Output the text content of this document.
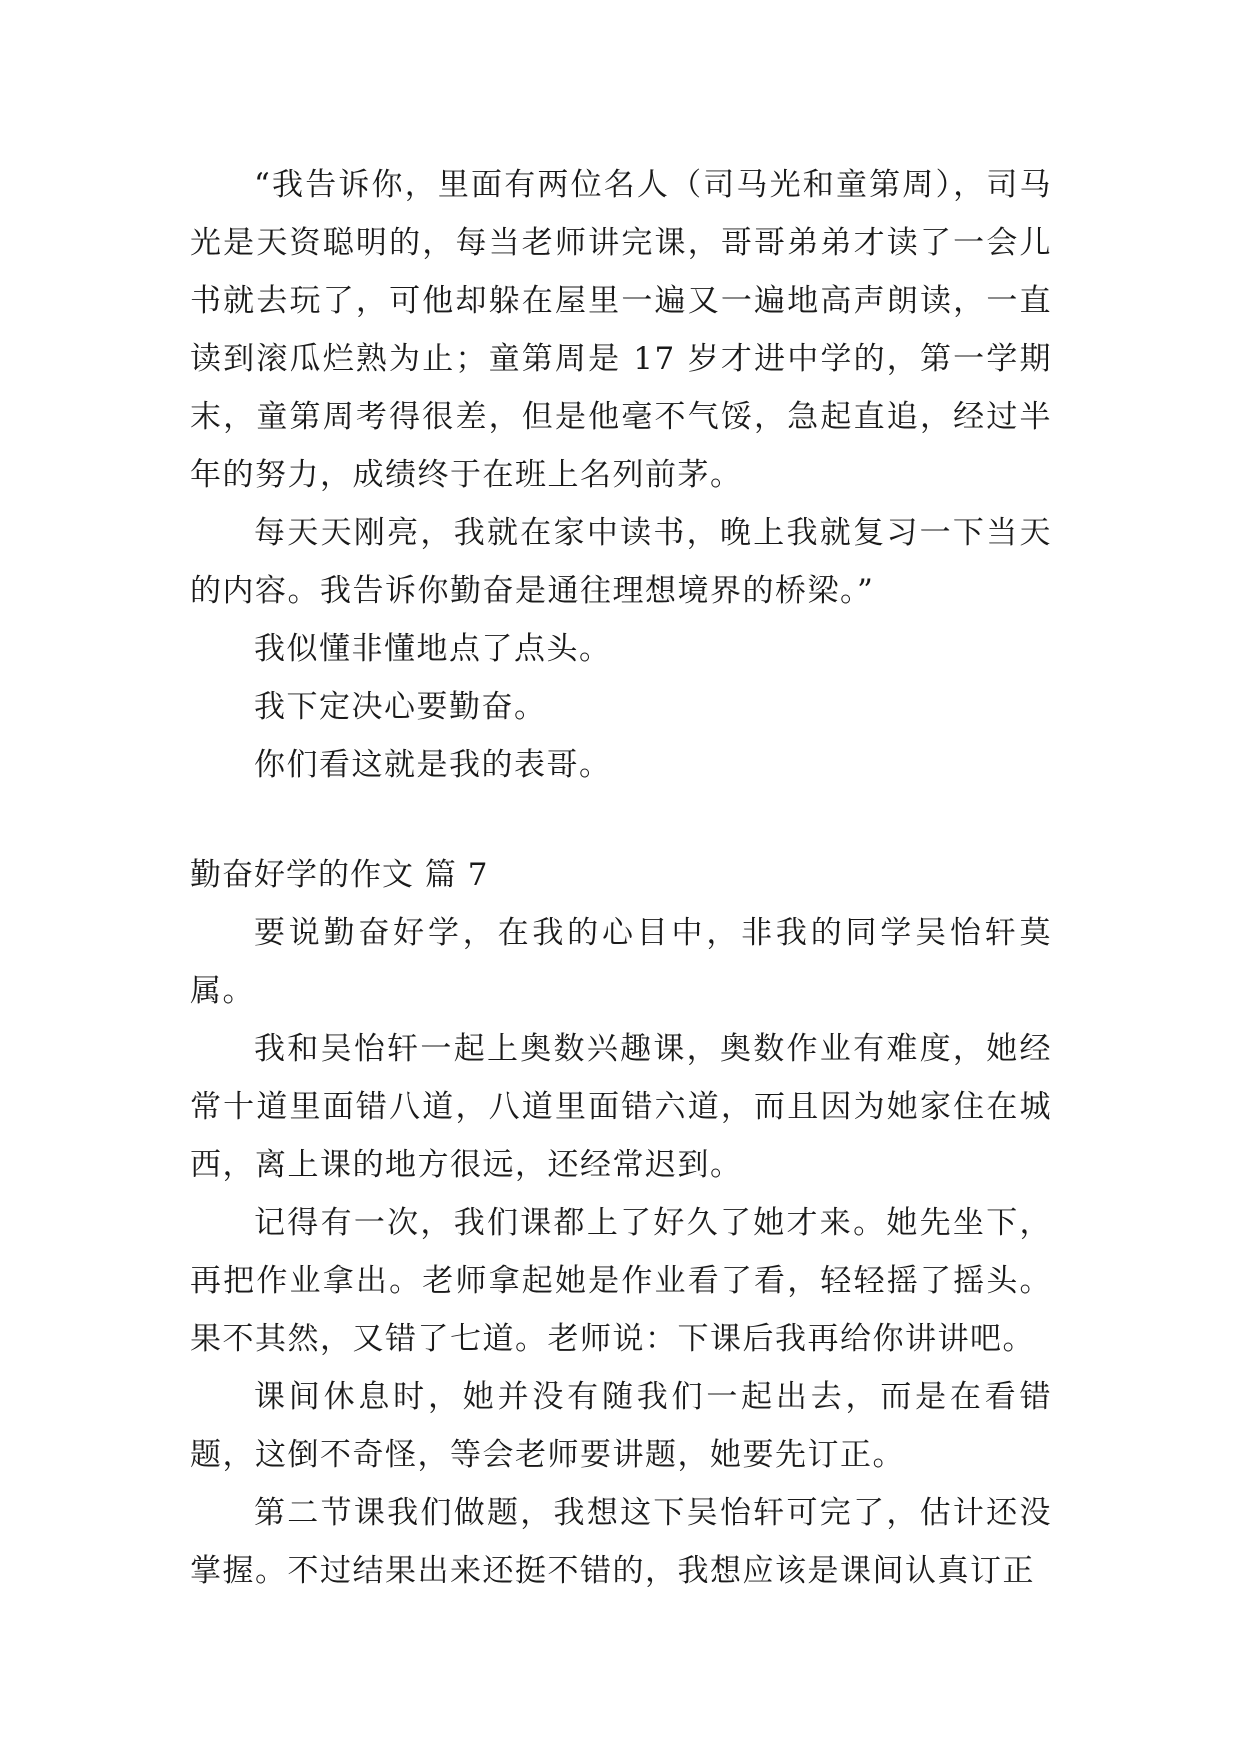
“我告诉你，里面有两位名人（司马光和童第周），司马光是天资聪明的，每当老师讲完课，哥哥弟弟才读了一会儿书就去玩了，可他却躲在屋里一遍又一遍地高声朗读，一直读到滚瓜烂熟为止；童第周是 17 岁才进中学的，第一学期末，童第周考得很差，但是他毫不气馁，急起直追，经过半年的努力，成绩终于在班上名列前茅。

每天天刚亮，我就在家中读书，晚上我就复习一下当天的内容。我告诉你勤奋是通往理想境界的桥梁。”

我似懂非懂地点了点头。

我下定决心要勤奋。

你们看这就是我的表哥。

勤奋好学的作文 篇 7

要说勤奋好学，在我的心目中，非我的同学吴怡轩莫属。

我和吴怡轩一起上奥数兴趣课，奥数作业有难度，她经常十道里面错八道，八道里面错六道，而且因为她家住在城西，离上课的地方很远，还经常迟到。

记得有一次，我们课都上了好久了她才来。她先坐下，再把作业拿出。老师拿起她是作业看了看，轻轻摇了摇头。果不其然，又错了七道。老师说：下课后我再给你讲讲吧。

课间休息时，她并没有随我们一起出去，而是在看错题，这倒不奇怪，等会老师要讲题，她要先订正。

第二节课我们做题，我想这下吴怡轩可完了，估计还没掌握。不过结果出来还挺不错的，我想应该是课间认真订正
